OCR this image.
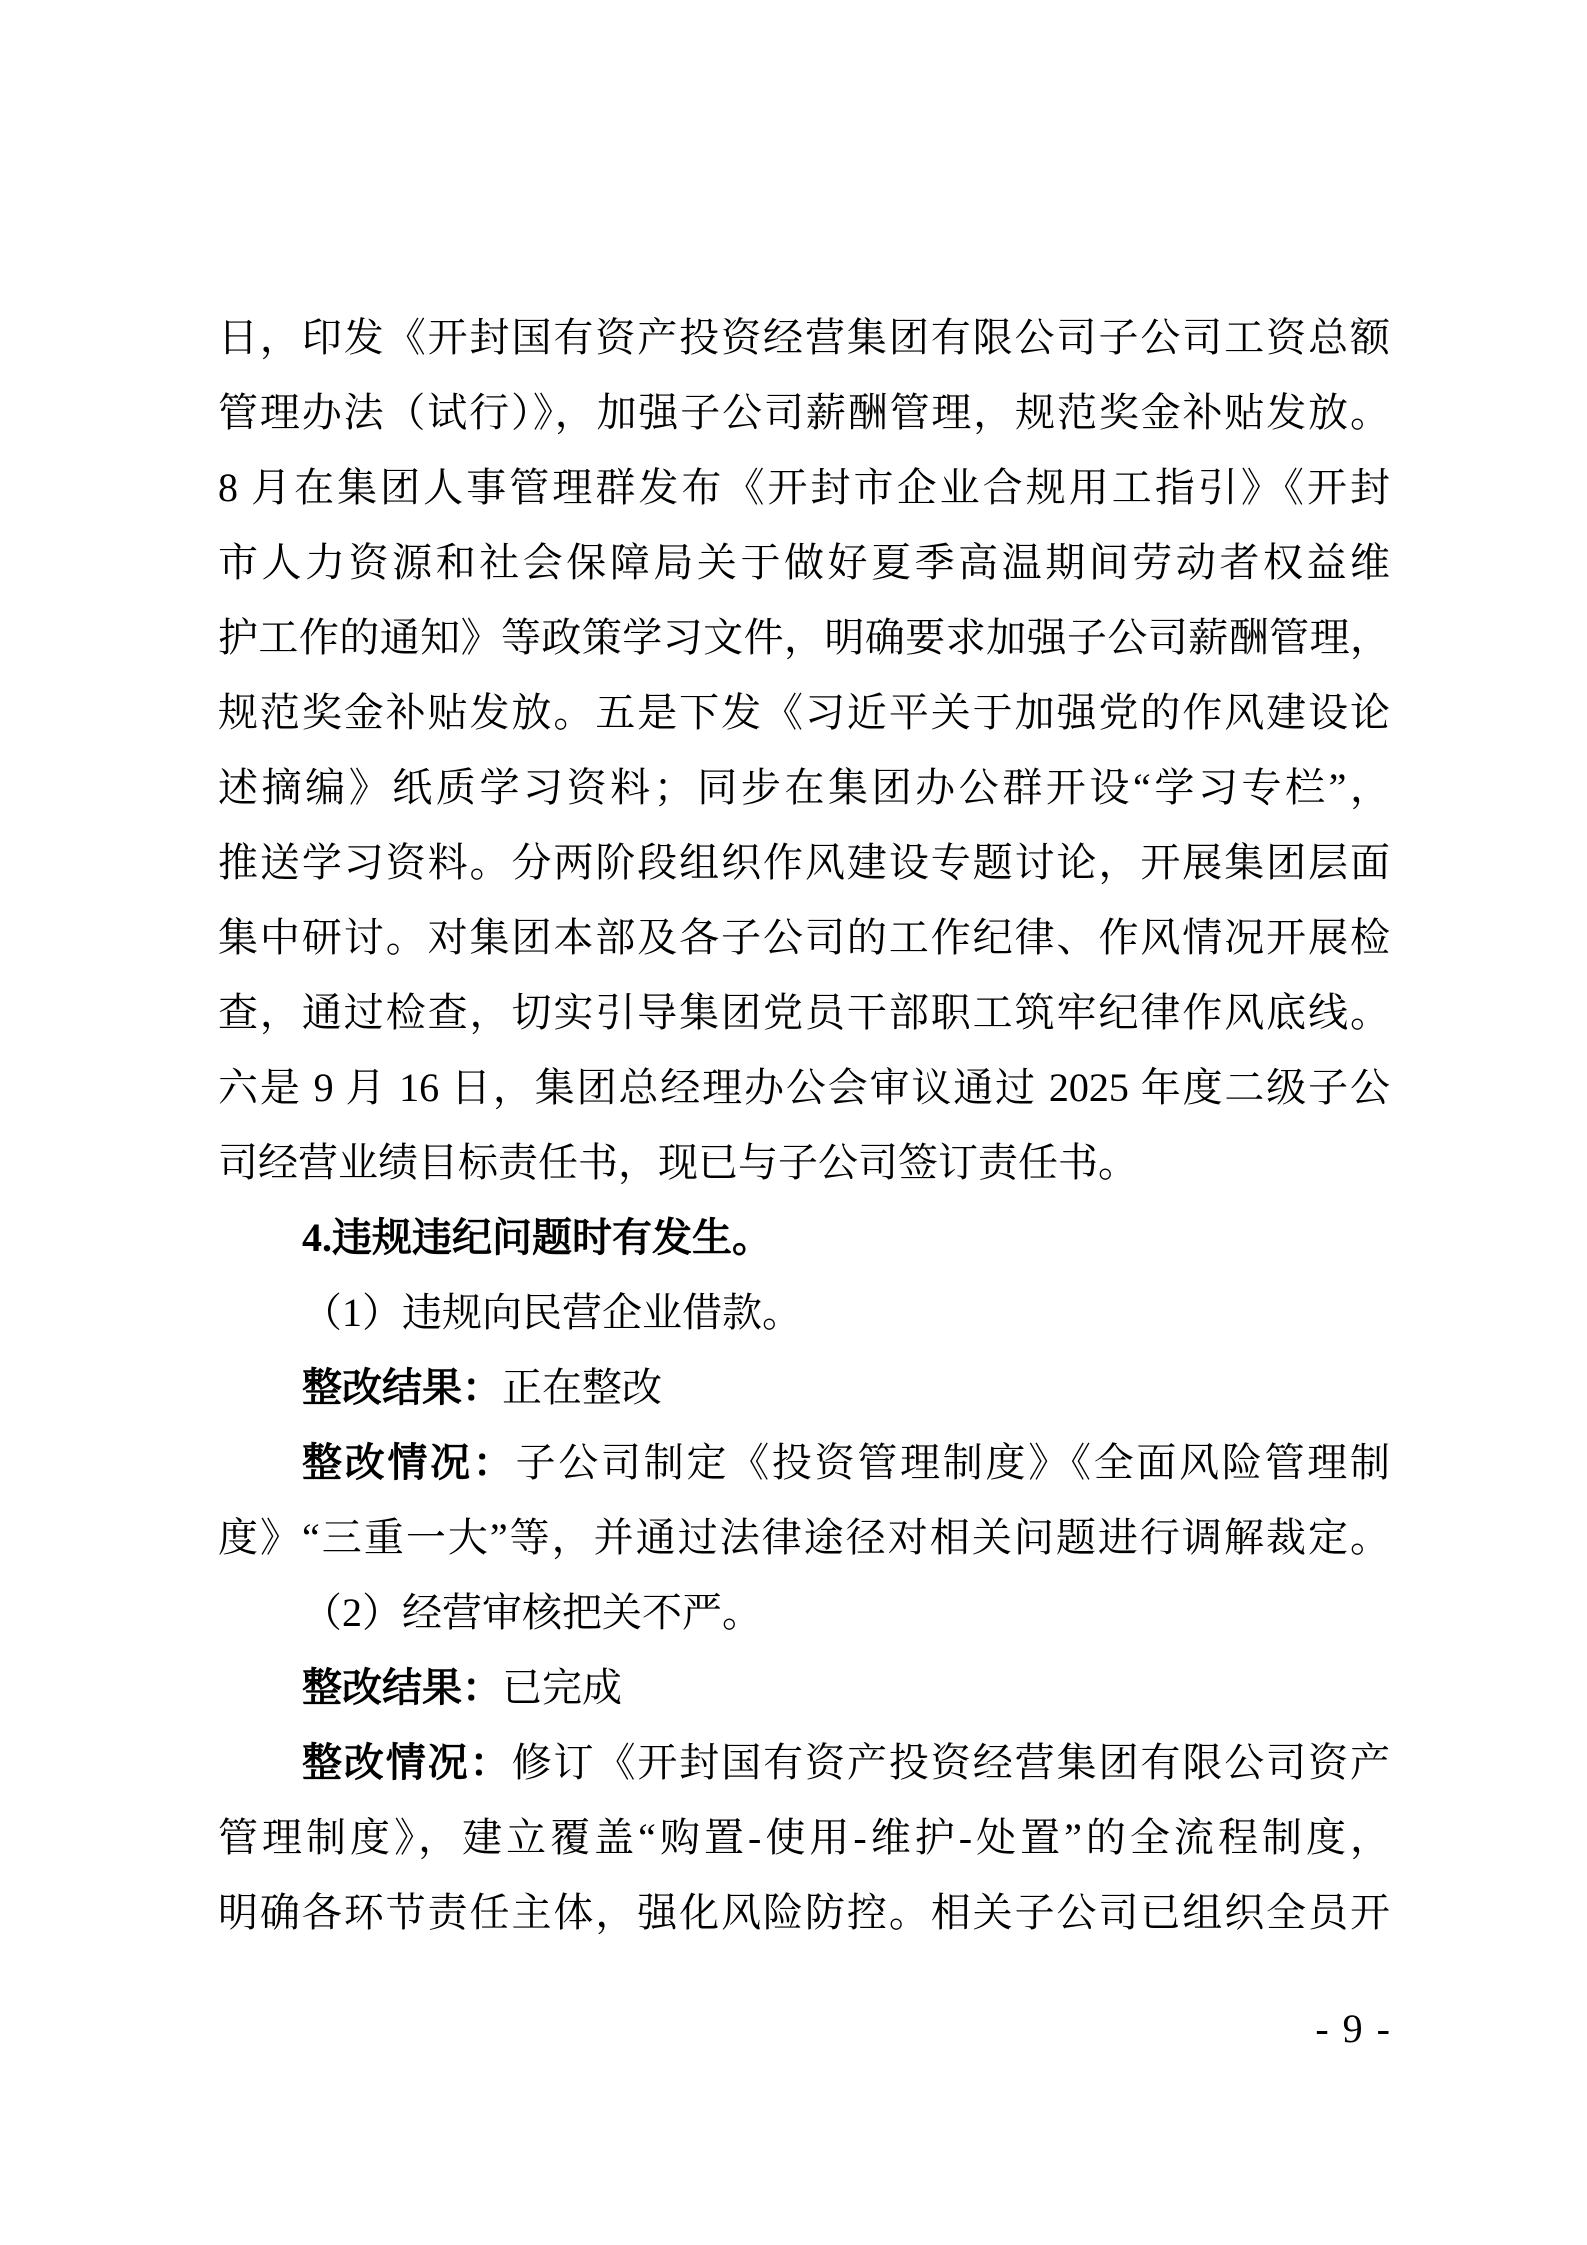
日，印发《开封国有资产投资经营集团有限公司子公司工资总额
管理办法（试行）》，加强子公司薪酬管理，规范奖金补贴发放。
8 月在集团人事管理群发布《开封市企业合规用工指引》《开封
市人力资源和社会保障局关于做好夏季高温期间劳动者权益维
护工作的通知》等政策学习文件，明确要求加强子公司薪酬管理，
规范奖金补贴发放。五是下发《习近平关于加强党的作风建设论
述摘编》纸质学习资料；同步在集团办公群开设“学习专栏”，
推送学习资料。分两阶段组织作风建设专题讨论，开展集团层面
集中研讨。对集团本部及各子公司的工作纪律、作风情况开展检
查，通过检查，切实引导集团党员干部职工筑牢纪律作风底线。
六是 9 月 16 日，集团总经理办公会审议通过 2025 年度二级子公
司经营业绩目标责任书，现已与子公司签订责任书。
4.违规违纪问题时有发生。
（1）违规向民营企业借款。
整改结果：正在整改
整改情况：子公司制定《投资管理制度》《全面风险管理制
度》“三重一大”等，并通过法律途径对相关问题进行调解裁定。
（2）经营审核把关不严。
整改结果：已完成
整改情况：修订《开封国有资产投资经营集团有限公司资产
管理制度》，建立覆盖“购置-使用-维护-处置”的全流程制度，
明确各环节责任主体，强化风险防控。相关子公司已组织全员开
- 9 -
